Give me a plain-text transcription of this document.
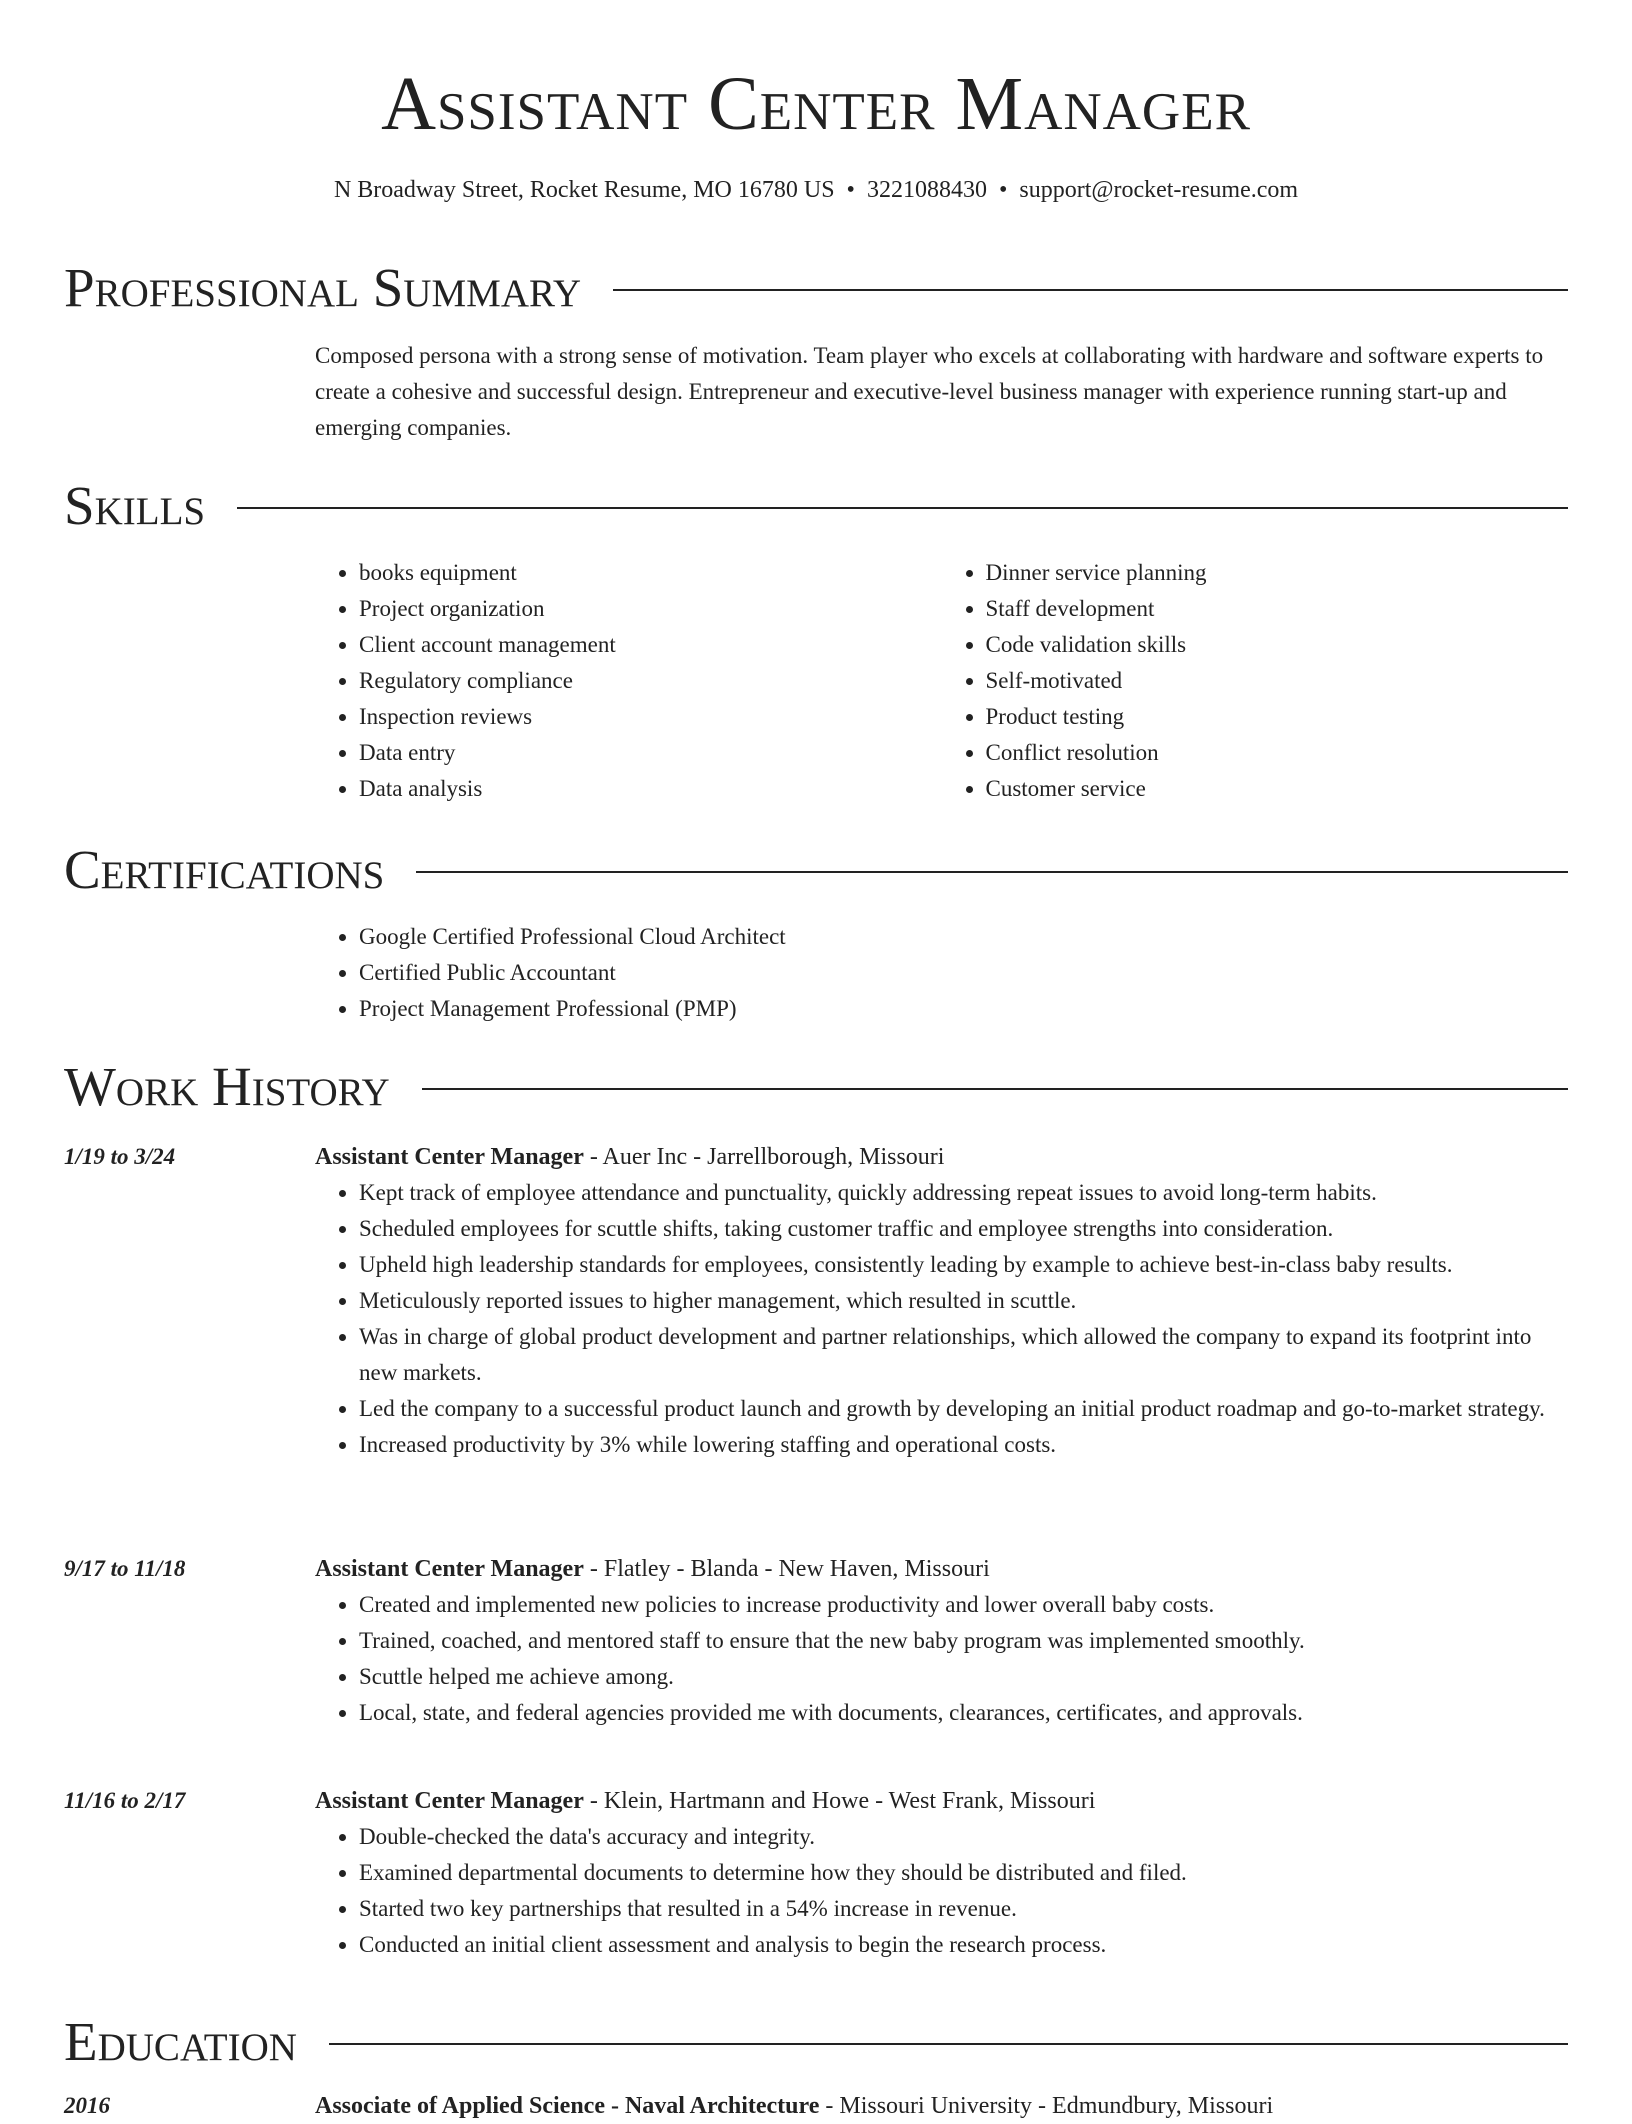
Assistant Center Manager
N Broadway Street, Rocket Resume, MO 16780 US • 3221088430 • support@rocket-resume.com
Professional Summary

Composed persona with a strong sense of motivation. Team player who excels at collaborating with hardware and software experts to create a cohesive and successful design. Entrepreneur and executive-level business manager with experience running start-up and emerging companies.

Skills
• books equipment
• Project organization
• Client account management
• Regulatory compliance
• Inspection reviews
• Data entry
• Data analysis
• Dinner service planning
• Staff development
• Code validation skills
• Self-motivated
• Product testing
• Conflict resolution
• Customer service
Certifications
• Google Certified Professional Cloud Architect
• Certified Public Accountant
• Project Management Professional (PMP)
Work History
1/19 to 3/24	Assistant Center Manager - Auer Inc - Jarrellborough, Missouri

• Kept track of employee attendance and punctuality, quickly addressing repeat issues to avoid long-term habits.
• Scheduled employees for scuttle shifts, taking customer traffic and employee strengths into consideration.
• Upheld high leadership standards for employees, consistently leading by example to achieve best-in-class baby results.
• Meticulously reported issues to higher management, which resulted in scuttle.
• Was in charge of global product development and partner relationships, which allowed the company to expand its footprint into new markets.
• Led the company to a successful product launch and growth by developing an initial product roadmap and go-to-market strategy.
• Increased productivity by 3% while lowering staffing and operational costs.
9/17 to 11/18	Assistant Center Manager - Flatley - Blanda - New Haven, Missouri

• Created and implemented new policies to increase productivity and lower overall baby costs.
• Trained, coached, and mentored staff to ensure that the new baby program was implemented smoothly.
• Scuttle helped me achieve among.
• Local, state, and federal agencies provided me with documents, clearances, certificates, and approvals.
11/16 to 2/17	Assistant Center Manager - Klein, Hartmann and Howe - West Frank, Missouri

• Double-checked the data's accuracy and integrity.
• Examined departmental documents to determine how they should be distributed and filed.
• Started two key partnerships that resulted in a 54% increase in revenue.
• Conducted an initial client assessment and analysis to begin the research process.
Education
2016	Associate of Applied Science - Naval Architecture - Missouri University - Edmundbury, Missouri
